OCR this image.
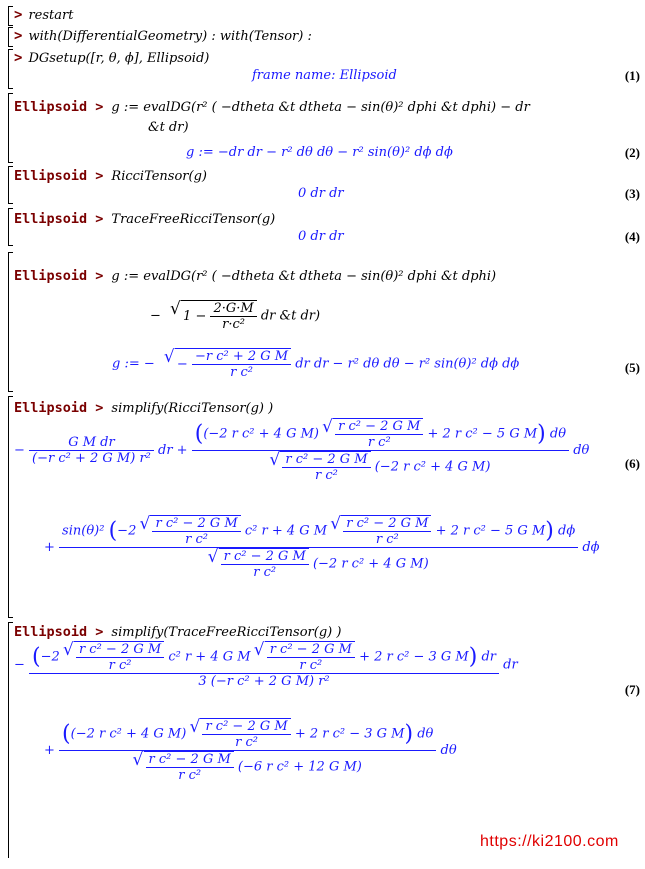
> restart
> with(DifferentialGeometry) : with(Tensor) :
> DGsetup([r, θ, ϕ], Ellipsoid)
frame name: Ellipsoid	(1)
Ellipsoid > g := evalDG(r² ( −dtheta &t dtheta − sin(θ)² dphi &t dphi) − dr
&t dr)
g := −dr dr − r² dθ dθ − r² sin(θ)² dϕ dϕ	(2)
Ellipsoid > RicciTensor(g)
0 dr dr	(3)
Ellipsoid > TraceFreeRicciTensor(g)
0 dr dr	(4)
Ellipsoid > g := evalDG(r² ( −dtheta &t dtheta − sin(θ)² dphi &t dphi)
− √ $1 - \frac{2\cdot G\cdot M}{\text{r·c²}}$ dr &t dr)
g := − √ − $\frac{\text{−r c² + 2 G M}}{\text{r c²}}$ dr dr − r² dθ dθ − r² sin(θ)² dϕ dϕ	(5)
Ellipsoid > simplify(RicciTensor(g) )
− $\frac{\text{G M dr}}{\text{(−r c² + 2 G M) r²}}$ dr +
((−2 r c² + 4 G M) √ $\frac{\text{r c² − 2 G M}}{\text{r c²}} + 2$ r c² − 5 G M) dθ
√ $\frac{\text{r c² − 2 G M}}{\text{r c²}} (-2$ r c² + 4 G M)
dθ
(6)
+
sin(θ)² (−2 √ $\frac{\text{r c² − 2 G M}}{\text{r c²}} c^2$ r + 4 G M √ $\frac{\text{r c² − 2 G M}}{\text{r c²}} + 2$ r c² − 5 G M) dϕ
√ $\frac{\text{r c² − 2 G M}}{\text{r c²}} (-2$ r c² + 4 G M)
dϕ
Ellipsoid > simplify(TraceFreeRicciTensor(g) )
− (−2 √ $\frac{\text{r c² − 2 G M}}{\text{r c²}} c^2$ r + 4 G M √ $\frac{\text{r c² − 2 G M}}{\text{r c²}} + 2$ r c² − 3 G M) dr
3 (−r c² + 2 G M) r²
dr
(7)
+
((−2 r c² + 4 G M) √ $\frac{\text{r c² − 2 G M}}{\text{r c²}} + 2$ r c² − 3 G M) dθ
√ $\frac{\text{r c² − 2 G M}}{\text{r c²}} (-6$ r c² + 12 G M)
dθ
https://ki2100.com
